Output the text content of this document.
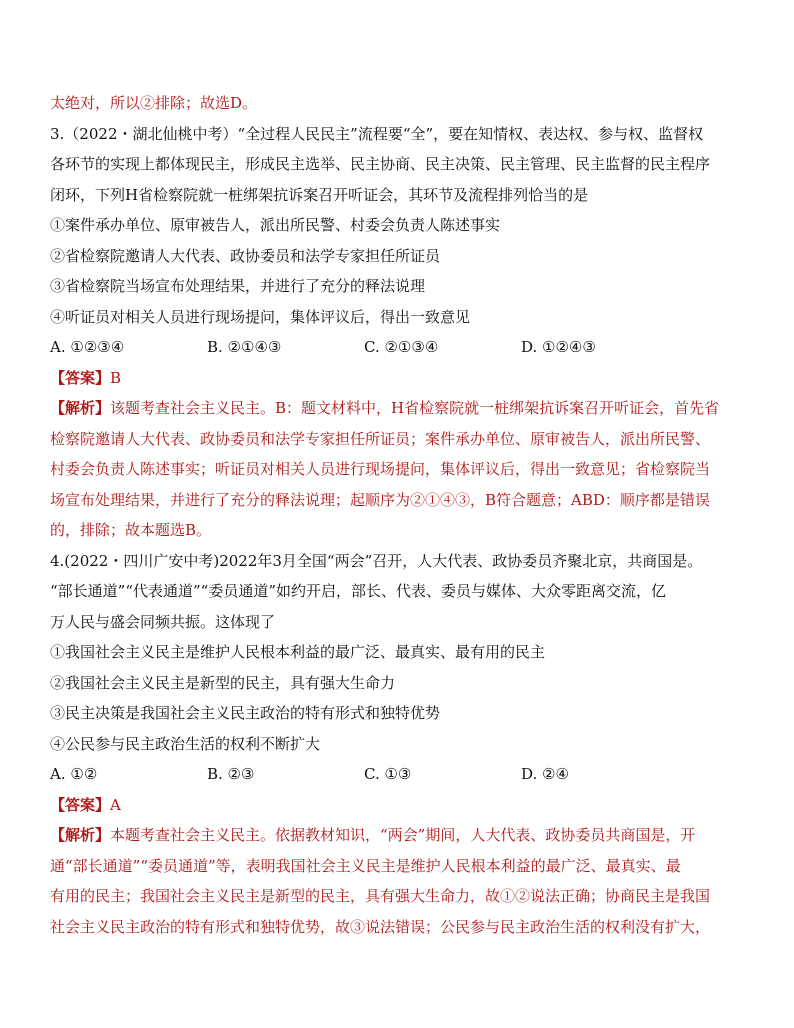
太绝对，所以②排除；故选D。
3.（2022・湖北仙桃中考）“全过程人民民主”流程要“全”，要在知情权、表达权、参与权、监督权
各环节的实现上都体现民主，形成民主选举、民主协商、民主决策、民主管理、民主监督的民主程序
闭环，下列H省检察院就一桩绑架抗诉案召开听证会，其环节及流程排列恰当的是
①案件承办单位、原审被告人，派出所民警、村委会负责人陈述事实
②省检察院邀请人大代表、政协委员和法学专家担任所证员
③省检察院当场宣布处理结果，并进行了充分的释法说理
④听证员对相关人员进行现场提问，集体评议后，得出一致意见
A. ①②③④	B. ②①④③	C. ②①③④	D. ①②④③
【答案】B
【解析】该题考查社会主义民主。B：题文材料中，H省检察院就一桩绑架抗诉案召开听证会，首先省
检察院邀请人大代表、政协委员和法学专家担任所证员；案件承办单位、原审被告人，派出所民警、
村委会负责人陈述事实；听证员对相关人员进行现场提问，集体评议后，得出一致意见；省检察院当
场宣布处理结果，并进行了充分的释法说理；起顺序为②①④③，B符合题意；ABD：顺序都是错误
的，排除；故本题选B。
4.(2022・四川广安中考)2022年3月全国“两会”召开，人大代表、政协委员齐聚北京，共商国是。
“部长通道”“代表通道”“委员通道”如约开启，部长、代表、委员与媒体、大众零距离交流，亿
万人民与盛会同频共振。这体现了
①我国社会主义民主是维护人民根本利益的最广泛、最真实、最有用的民主
②我国社会主义民主是新型的民主，具有强大生命力
③民主决策是我国社会主义民主政治的特有形式和独特优势
④公民参与民主政治生活的权利不断扩大
A. ①②	B. ②③	C. ①③	D. ②④
【答案】A
【解析】本题考查社会主义民主。依据教材知识，“两会”期间，人大代表、政协委员共商国是，开
通“部长通道”“委员通道”等，表明我国社会主义民主是维护人民根本利益的最广泛、最真实、最
有用的民主；我国社会主义民主是新型的民主，具有强大生命力，故①②说法正确；协商民主是我国
社会主义民主政治的特有形式和独特优势，故③说法错误；公民参与民主政治生活的权利没有扩大，
